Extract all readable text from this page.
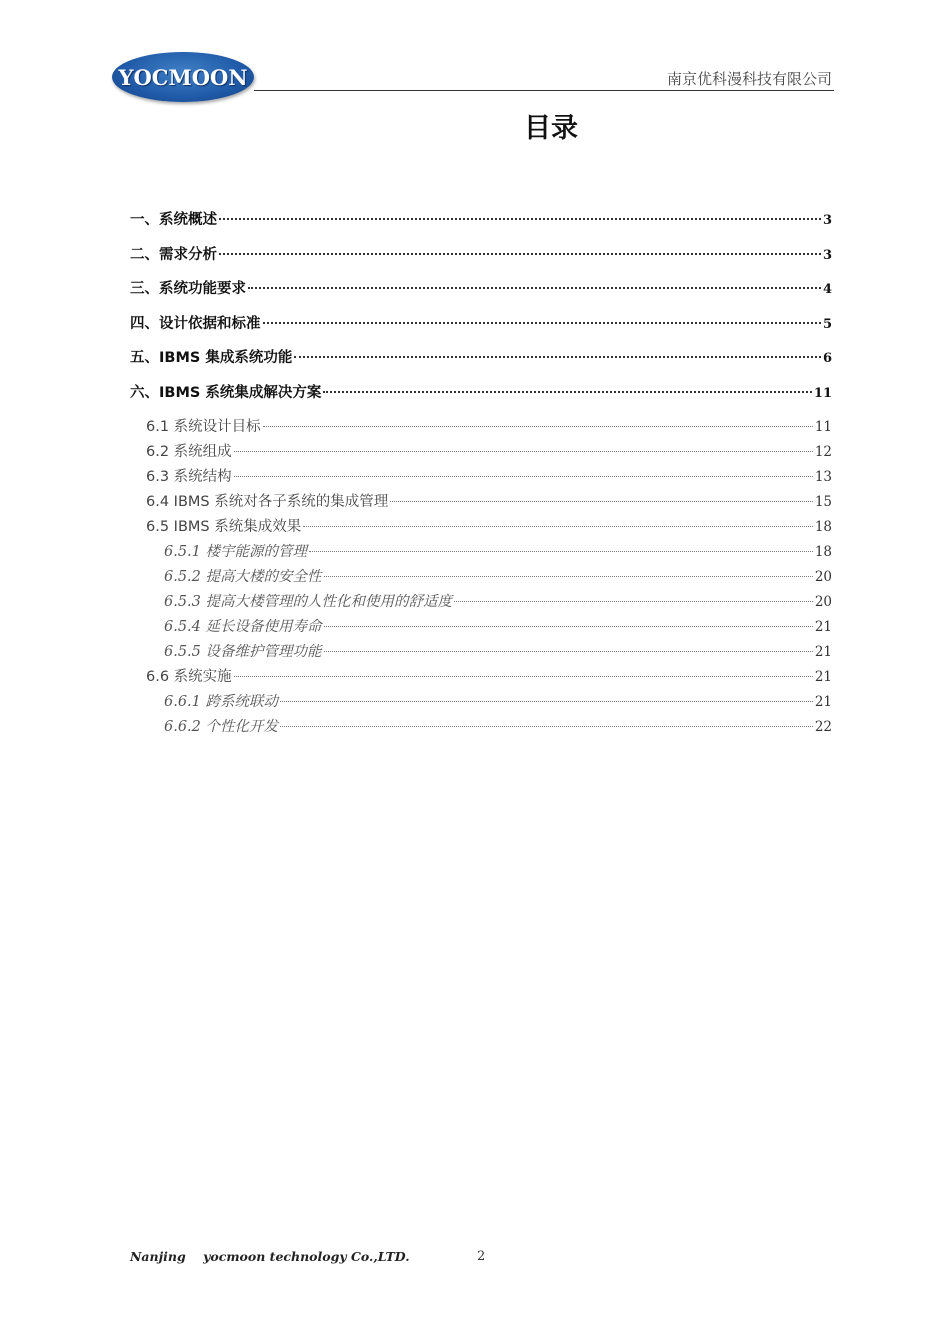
YOCMOON	南京优科漫科技有限公司
目录
一、系统概述	3
二、需求分析	3
三、系统功能要求	4
四、设计依据和标准	5
五、IBMS 集成系统功能	6
六、IBMS 系统集成解决方案	11
6.1 系统设计目标	11
6.2 系统组成	12
6.3 系统结构	13
6.4 IBMS 系统对各子系统的集成管理	15
6.5 IBMS 系统集成效果	18
6.5.1 楼宇能源的管理	18
6.5.2 提高大楼的安全性	20
6.5.3 提高大楼管理的人性化和使用的舒适度	20
6.5.4 延长设备使用寿命	21
6.5.5 设备维护管理功能	21
6.6 系统实施	21
6.6.1 跨系统联动	21
6.6.2 个性化开发	22
Nanjing    yocmoon technology Co.,LTD.	2
